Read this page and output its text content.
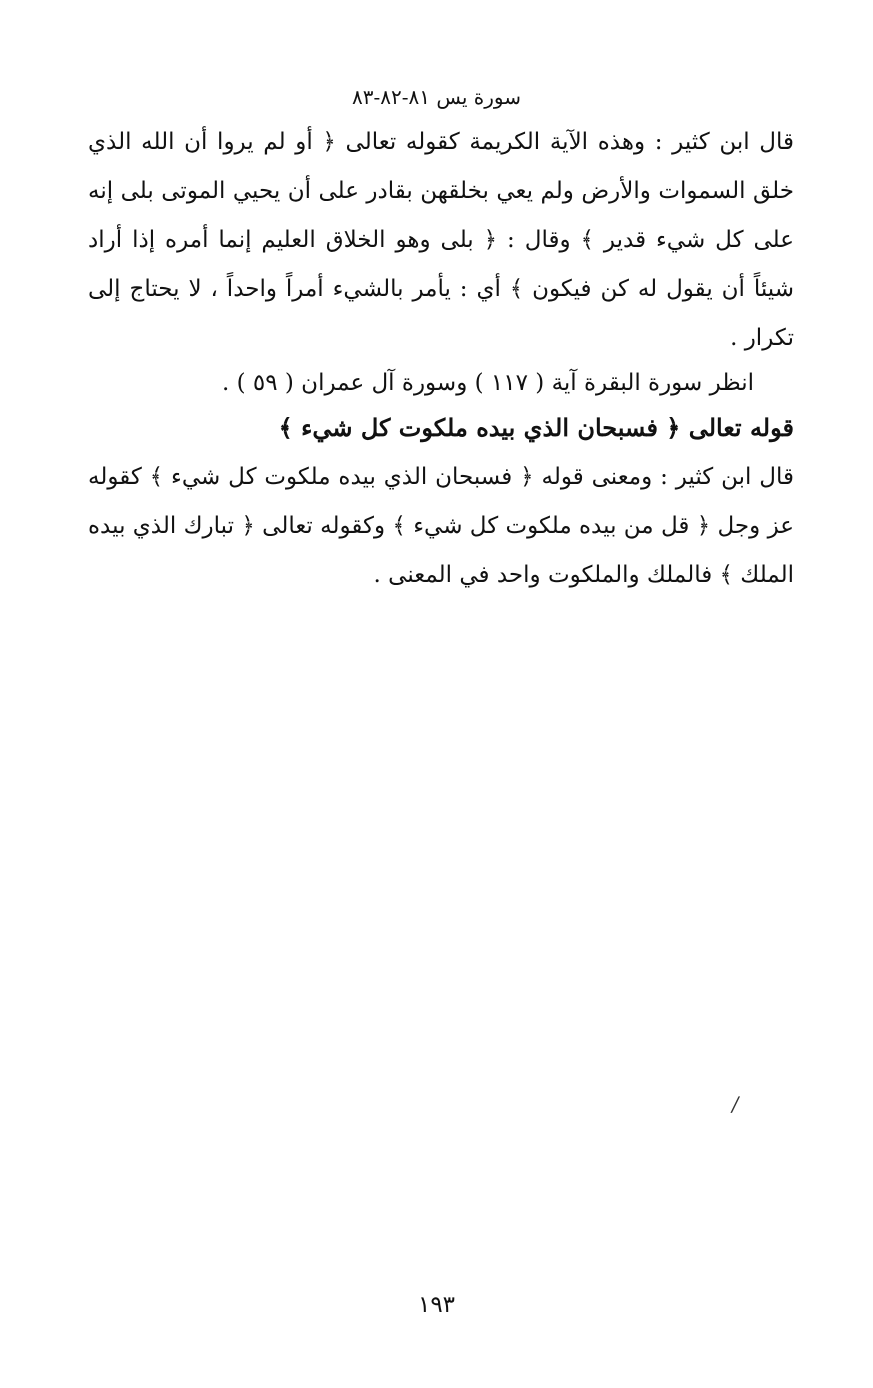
سورة يس ٨١-٨٢-٨٣

قال ابن كثير : وهذه الآية الكريمة كقوله تعالى ﴿ أو لم يروا أن الله الذي خلق السموات والأرض ولم يعي بخلقهن بقادر على أن يحيي الموتى بلى إنه على كل شيء قدير ﴾ وقال : ﴿ بلى وهو الخلاق العليم إنما أمره إذا أراد شيئاً أن يقول له كن فيكون ﴾ أي : يأمر بالشيء أمراً واحداً ، لا يحتاج إلى تكرار .

انظر سورة البقرة آية ( ١١٧ ) وسورة آل عمران ( ٥٩ ) .

قوله تعالى ﴿ فسبحان الذي بيده ملكوت كل شيء ﴾

قال ابن كثير : ومعنى قوله ﴿ فسبحان الذي بيده ملكوت كل شيء ﴾ كقوله عز وجل ﴿ قل من بيده ملكوت كل شيء ﴾ وكقوله تعالى ﴿ تبارك الذي بيده الملك ﴾ فالملك والملكوت واحد في المعنى .

/
١٩٣
